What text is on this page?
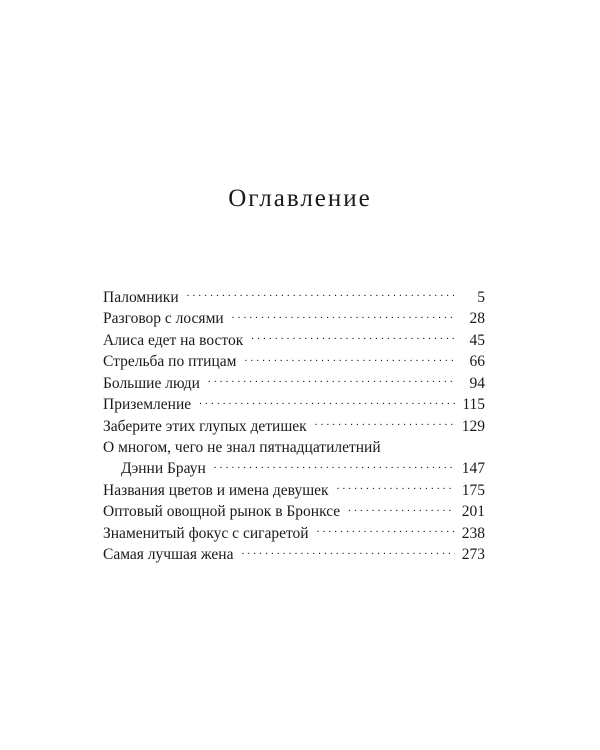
Оглавление
Паломники . . .	5
Разговор с лосями . . .	28
Алиса едет на восток . . .	45
Стрельба по птицам . . .	66
Большие люди . . .	94
Приземление . . .	115
Заберите этих глупых детишек . . .	129
О многом, чего не знал пятнадцатилетний
Дэнни Браун . . .	147
Названия цветов и имена девушек . . .	175
Оптовый овощной рынок в Бронксе . . .	201
Знаменитый фокус с сигаретой . . .	238
Самая лучшая жена . . .	273
